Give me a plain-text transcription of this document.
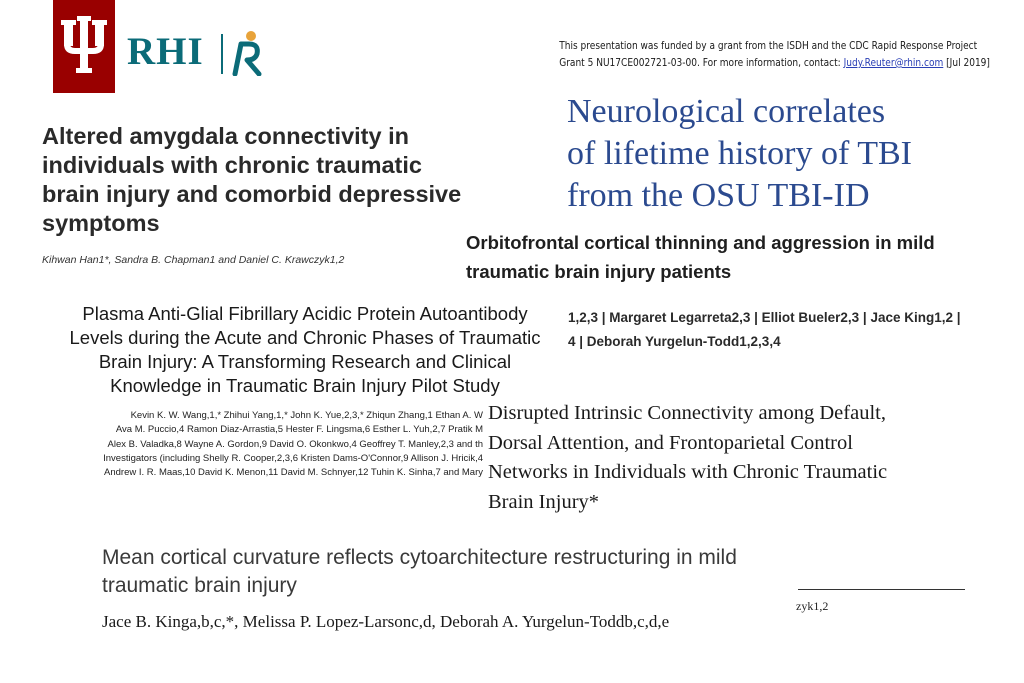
RHI	This presentation was funded by a grant from the ISDH and the CDC Rapid Response Project
Grant 5 NU17CE002721-03-00. For more information, contact: Judy.Reuter@rhin.com [Jul 2019]
Neurological correlates
of lifetime history of TBI
from the OSU TBI-ID
Altered amygdala connectivity in
individuals with chronic traumatic
brain injury and comorbid depressive
symptoms
Kihwan Han1*, Sandra B. Chapman1 and Daniel C. Krawczyk1,2
Orbitofrontal cortical thinning and aggression in mild
traumatic brain injury patients
1,2,3 | Margaret Legarreta2,3 | Elliot Bueler2,3 | Jace King1,2 |
4 | Deborah Yurgelun-Todd1,2,3,4
Plasma Anti-Glial Fibrillary Acidic Protein Autoantibody
Levels during the Acute and Chronic Phases of Traumatic
Brain Injury: A Transforming Research and Clinical
Knowledge in Traumatic Brain Injury Pilot Study
Kevin K. W. Wang,1,* Zhihui Yang,1,* John K. Yue,2,3,* Zhiqun Zhang,1 Ethan A. W
Ava M. Puccio,4 Ramon Diaz-Arrastia,5 Hester F. Lingsma,6 Esther L. Yuh,2,7 Pratik M
Alex B. Valadka,8 Wayne A. Gordon,9 David O. Okonkwo,4 Geoffrey T. Manley,2,3 and th
Investigators (including Shelly R. Cooper,2,3,6 Kristen Dams-O'Connor,9 Allison J. Hricik,4
Andrew I. R. Maas,10 David K. Menon,11 David M. Schnyer,12 Tuhin K. Sinha,7 and Mary
Disrupted Intrinsic Connectivity among Default,
Dorsal Attention, and Frontoparietal Control
Networks in Individuals with Chronic Traumatic
Brain Injury*
Mean cortical curvature reflects cytoarchitecture restructuring in mild
traumatic brain injury
Jace B. Kinga,b,c,*, Melissa P. Lopez-Larsonc,d, Deborah A. Yurgelun-Toddb,c,d,e
zyk1,2
